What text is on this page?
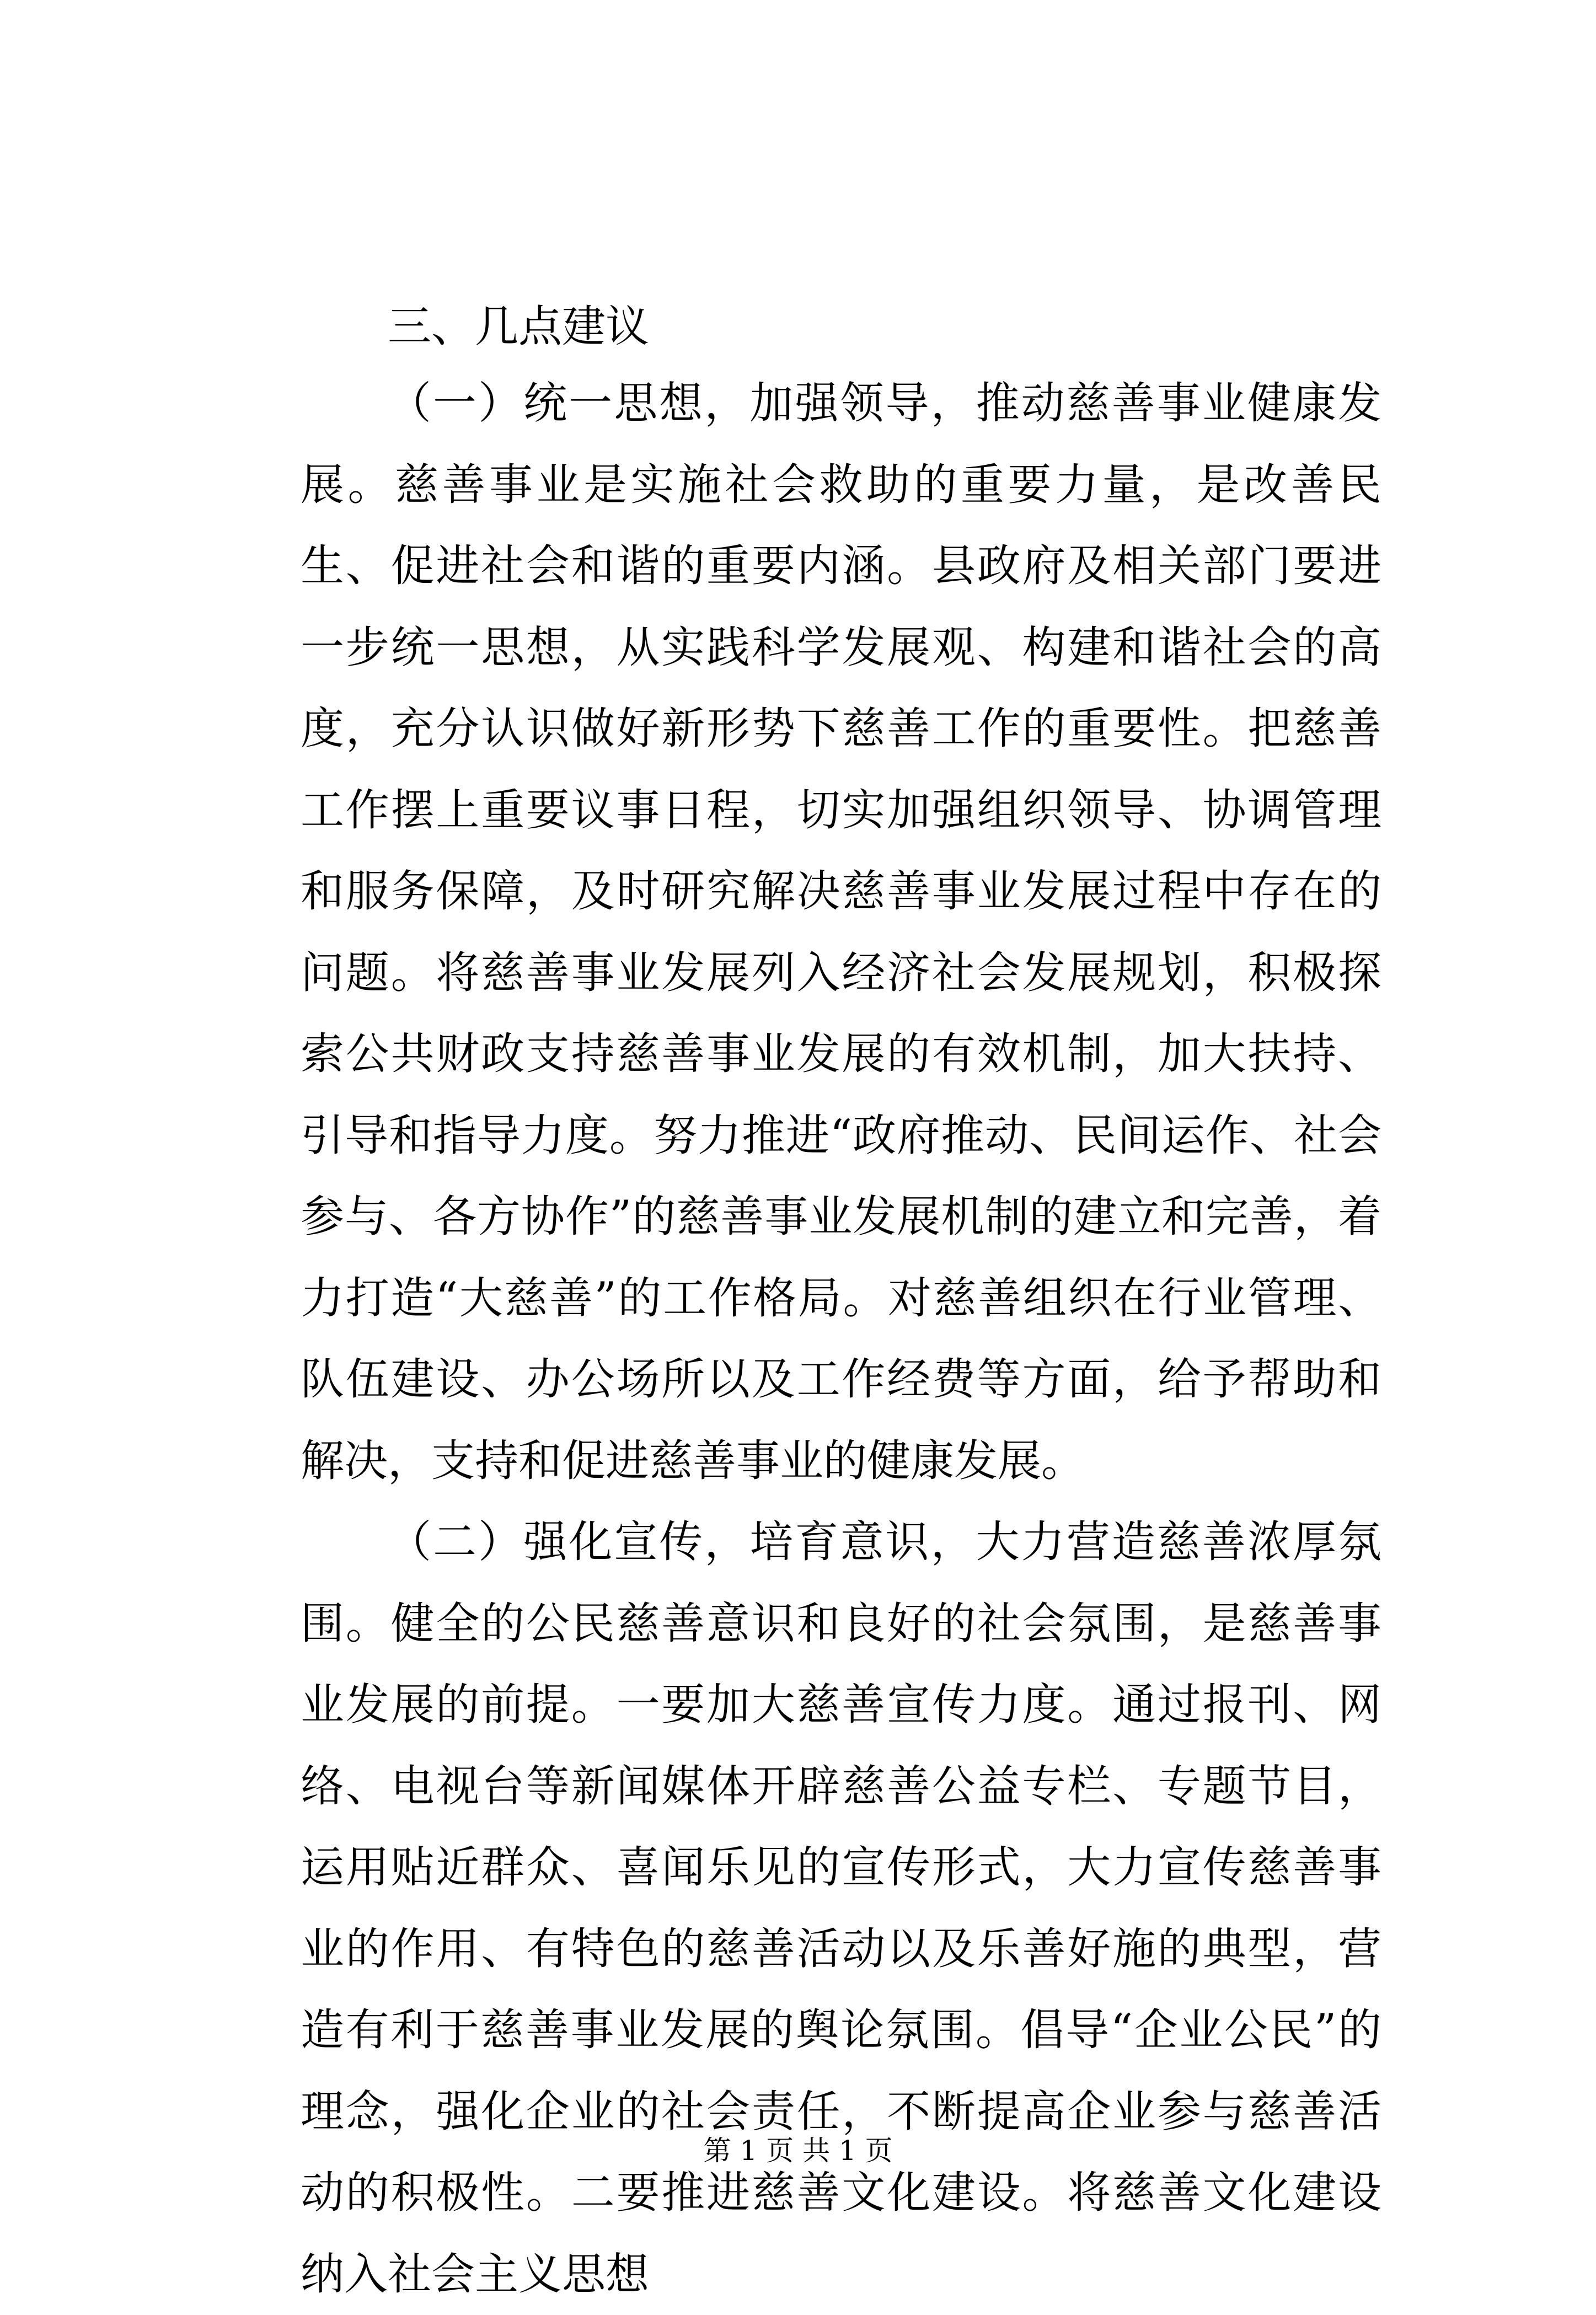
三、几点建议

（一）统一思想，加强领导，推动慈善事业健康发展。慈善事业是实施社会救助的重要力量，是改善民生、促进社会和谐的重要内涵。县政府及相关部门要进一步统一思想，从实践科学发展观、构建和谐社会的高度，充分认识做好新形势下慈善工作的重要性。把慈善工作摆上重要议事日程，切实加强组织领导、协调管理和服务保障，及时研究解决慈善事业发展过程中存在的问题。将慈善事业发展列入经济社会发展规划，积极探索公共财政支持慈善事业发展的有效机制，加大扶持、引导和指导力度。努力推进“政府推动、民间运作、社会参与、各方协作”的慈善事业发展机制的建立和完善，着力打造“大慈善”的工作格局。对慈善组织在行业管理、队伍建设、办公场所以及工作经费等方面，给予帮助和解决，支持和促进慈善事业的健康发展。

（二）强化宣传，培育意识，大力营造慈善浓厚氛围。健全的公民慈善意识和良好的社会氛围，是慈善事业发展的前提。一要加大慈善宣传力度。通过报刊、网络、电视台等新闻媒体开辟慈善公益专栏、专题节目，运用贴近群众、喜闻乐见的宣传形式，大力宣传慈善事业的作用、有特色的慈善活动以及乐善好施的典型，营造有利于慈善事业发展的舆论氛围。倡导“企业公民”的理念，强化企业的社会责任，不断提高企业参与慈善活动的积极性。二要推进慈善文化建设。将慈善文化建设纳入社会主义思想

第 1 页 共 1 页
